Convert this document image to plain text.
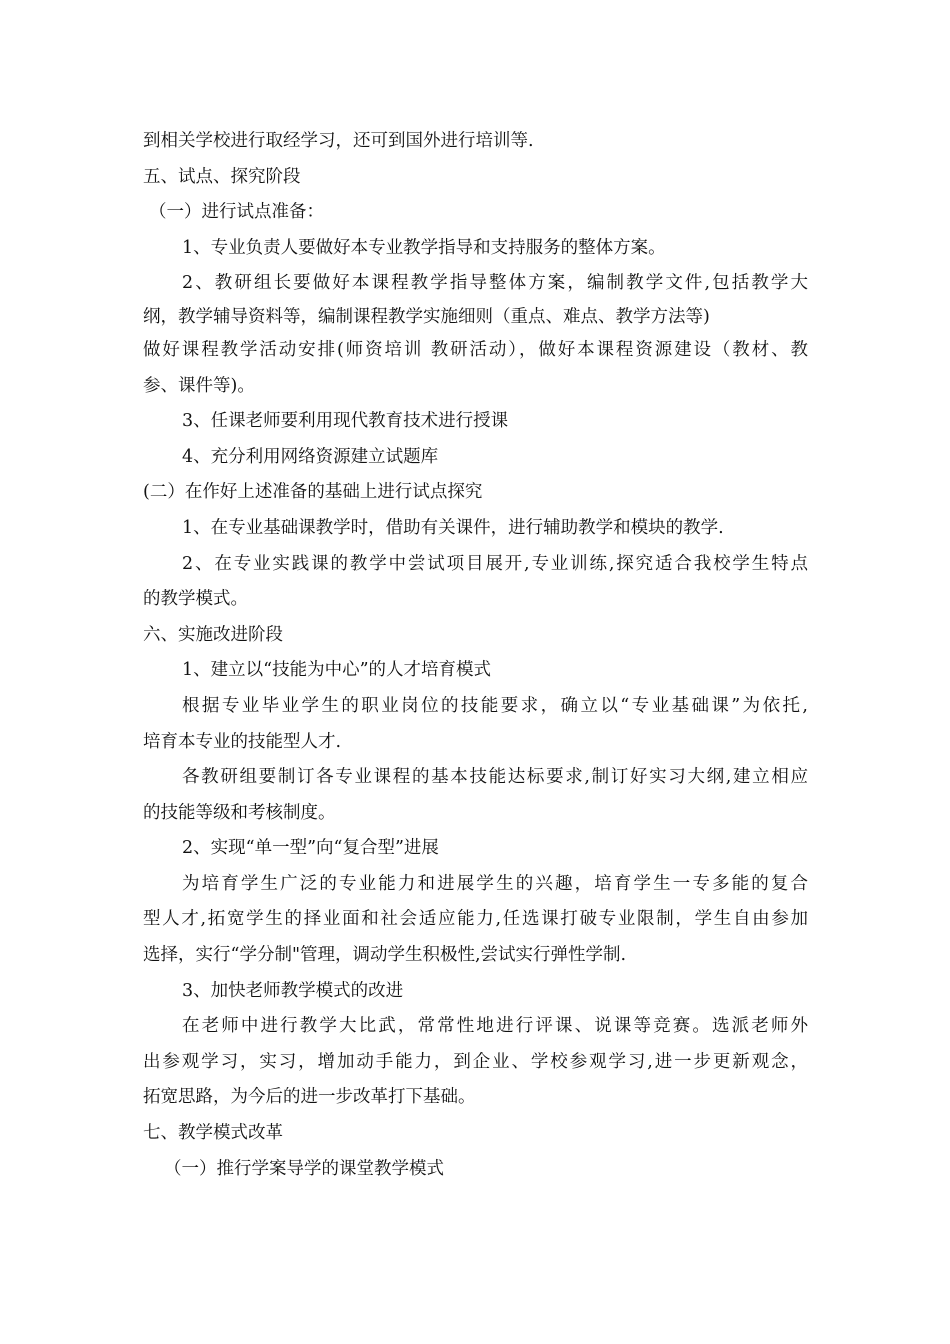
到相关学校进行取经学习，还可到国外进行培训等.
五、试点、探究阶段
（一）进行试点准备：
1、专业负责人要做好本专业教学指导和支持服务的整体方案。
2、教研组长要做好本课程教学指导整体方案，编制教学文件,包括教学大
纲，教学辅导资料等，编制课程教学实施细则（重点、难点、教学方法等)
做好课程教学活动安排(师资培训 教研活动），做好本课程资源建设（教材、教
参、课件等)。
3、任课老师要利用现代教育技术进行授课
4、充分利用网络资源建立试题库
(二）在作好上述准备的基础上进行试点探究
1、在专业基础课教学时，借助有关课件，进行辅助教学和模块的教学.
2、在专业实践课的教学中尝试项目展开,专业训练,探究适合我校学生特点
的教学模式。
六、实施改进阶段
1、建立以“技能为中心”的人才培育模式
根据专业毕业学生的职业岗位的技能要求，确立以“专业基础课”为依托,
培育本专业的技能型人才.
各教研组要制订各专业课程的基本技能达标要求,制订好实习大纲,建立相应
的技能等级和考核制度。
2、实现“单一型”向“复合型”进展
为培育学生广泛的专业能力和进展学生的兴趣，培育学生一专多能的复合
型人才,拓宽学生的择业面和社会适应能力,任选课打破专业限制，学生自由参加
选择，实行“学分制"管理，调动学生积极性,尝试实行弹性学制.
3、加快老师教学模式的改进
在老师中进行教学大比武，常常性地进行评课、说课等竞赛。选派老师外
出参观学习，实习，增加动手能力，到企业、学校参观学习,进一步更新观念，
拓宽思路，为今后的进一步改革打下基础。
七、教学模式改革
（一）推行学案导学的课堂教学模式
